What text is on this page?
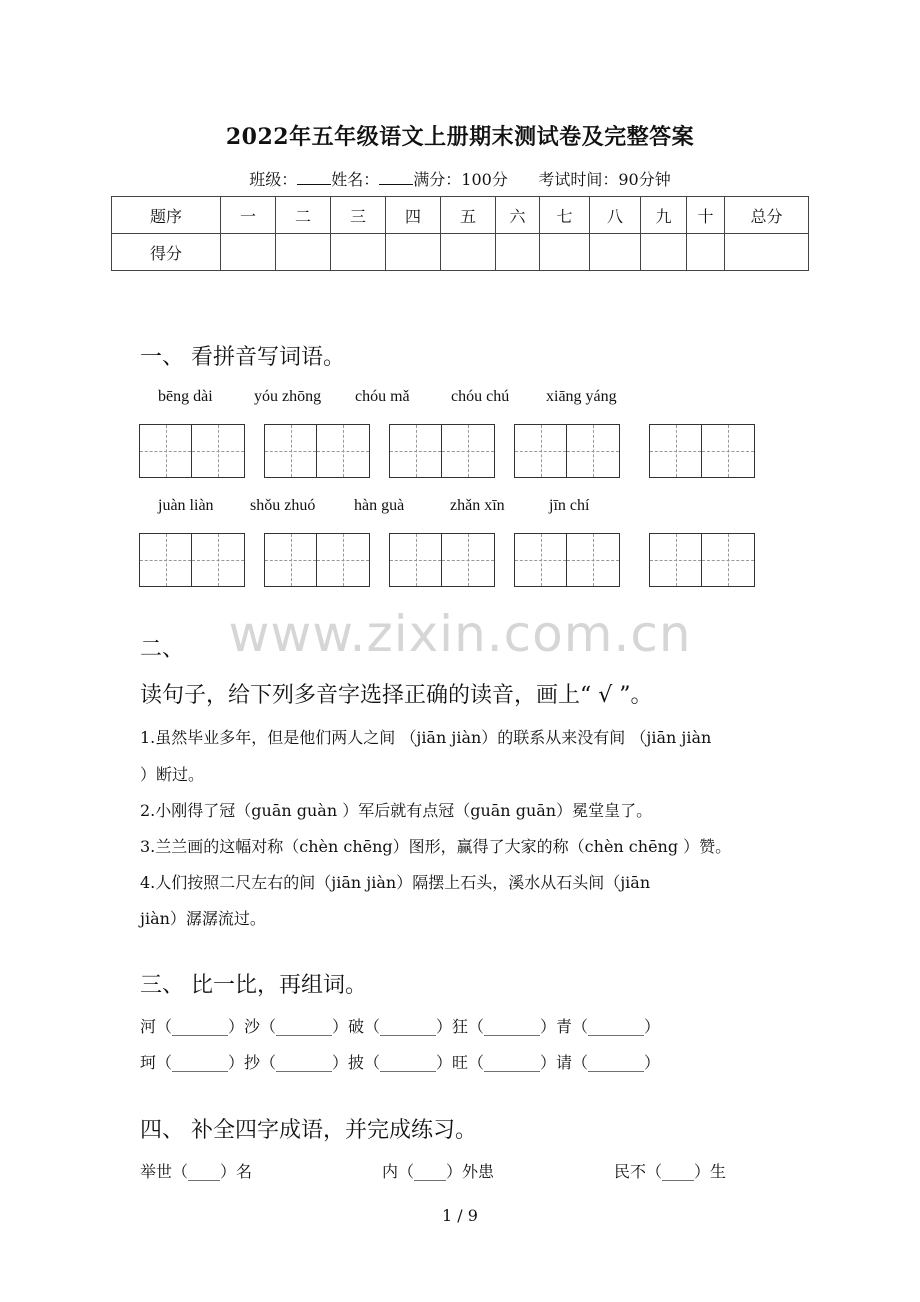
2022年五年级语文上册期末测试卷及完整答案
班级： 姓名： 满分：100分 考试时间：90分钟
题序	一	二	三	四	五	六	七	八	九	十	总分
得分											
一、 看拼音写词语。
bēng dài	yóu zhōng chóu mǎ	chóu chú xiāng yáng
juàn liàn shǒu zhuó hàn guà	zhǎn xīn	jīn chí
www.zixin.com.cn
二、
读句子，给下列多音字选择正确的读音，画上“ √ ”。
1.虽然毕业多年，但是他们两人之间 （jiān jiàn）的联系从来没有间 （jiān jiàn
）断过。
2.小刚得了冠（guān guàn ）军后就有点冠（guān guān）冕堂皇了。
3.兰兰画的这幅对称（chèn chēng）图形，赢得了大家的称（chèn chēng ）赞。
4.人们按照二尺左右的间（jiān jiàn）隔摆上石头，溪水从石头间（jiān
jiàn）潺潺流过。
三、 比一比，再组词。
河（_______）沙（_______）破（_______）狂（_______）青（_______）
珂（_______）抄（_______）披（_______）旺（_______）请（_______）
四、 补全四字成语，并完成练习。
举世（____）名	内（____）外患	民不（____）生
1 / 9
